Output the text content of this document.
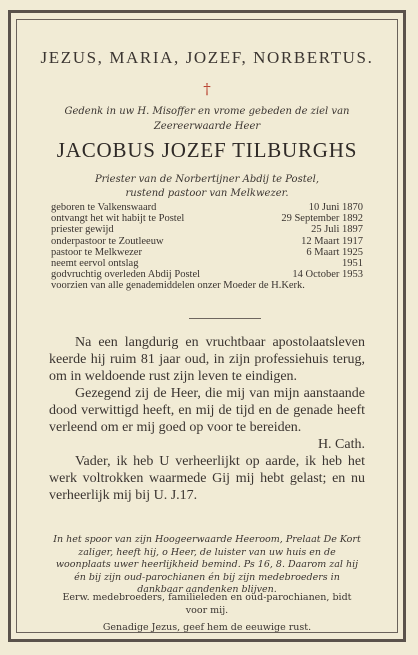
JEZUS, MARIA, JOZEF, NORBERTUS.
†
Gedenk in uw H. Misoffer en vrome gebeden de ziel van Zeereerwaarde Heer
JACOBUS JOZEF TILBURGHS
Priester van de Norbertijner Abdij te Postel,
rustend pastoor van Melkwezer.
geboren te Valkenswaard	10 Juni 1870
ontvangt het wit habijt te Postel	29 September 1892
priester gewijd	25 Juli 1897
onderpastoor te Zoutleeuw	12 Maart 1917
pastoor te Melkwezer	6 Maart 1925
neemt eervol ontslag	1951
godvruchtig overleden Abdij Postel	14 October 1953
voorzien van alle genademiddelen onzer Moeder de H.Kerk.

Na een langdurig en vruchtbaar apostolaatsleven keerde hij ruim 81 jaar oud, in zijn professiehuis terug, om in weldoende rust zijn leven te eindigen.

Gezegend zij de Heer, die mij van mijn aanstaande dood verwittigd heeft, en mij de tijd en de genade heeft verleend om er mij goed op voor te bereiden.
H. Cath.

Vader, ik heb U verheerlijkt op aarde, ik heb het werk voltrokken waarmede Gij mij hebt gelast; en nu verheerlijk mij bij U. J.17.

In het spoor van zijn Hoogeerwaarde Heeroom, Prelaat De Kort zaliger, heeft hij, o Heer, de luister van uw huis en de woonplaats uwer heerlijkheid bemind. Ps 16, 8. Daarom zal hij én bij zijn oud-parochianen én bij zijn medebroeders in dankbaar aandenken blijven.
Eerw. medebroeders, familieleden en oud-parochianen, bidt voor mij.
Genadige Jezus, geef hem de eeuwige rust.
